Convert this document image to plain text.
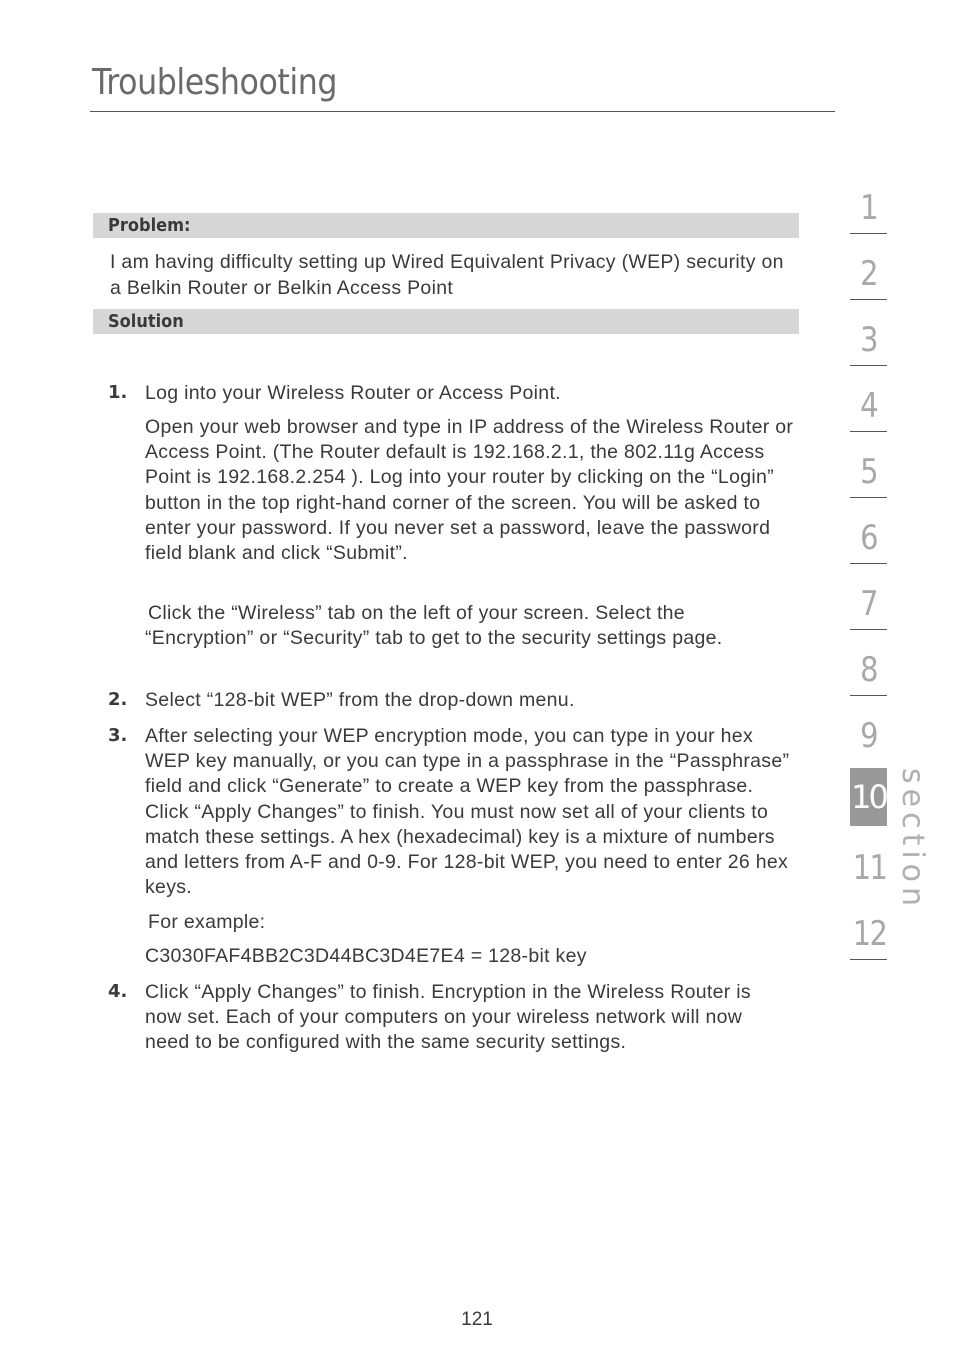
Troubleshooting
Problem:
I am having difficulty setting up Wired Equivalent Privacy (WEP) security on a Belkin Router or Belkin Access Point
Solution
1. Log into your Wireless Router or Access Point.
Open your web browser and type in IP address of the Wireless Router or Access Point. (The Router default is 192.168.2.1, the 802.11g Access Point is 192.168.2.254 ). Log into your router by clicking on the “Login” button in the top right-hand corner of the screen. You will be asked to enter your password. If you never set a password, leave the password field blank and click “Submit”.
Click the “Wireless” tab on the left of your screen. Select the “Encryption” or “Security” tab to get to the security settings page.
2. Select “128-bit WEP” from the drop-down menu.
3. After selecting your WEP encryption mode, you can type in your hex WEP key manually, or you can type in a passphrase in the “Passphrase” field and click “Generate” to create a WEP key from the passphrase. Click “Apply Changes” to finish. You must now set all of your clients to match these settings. A hex (hexadecimal) key is a mixture of numbers and letters from A-F and 0-9. For 128-bit WEP, you need to enter 26 hex keys.
For example:
C3030FAF4BB2C3D44BC3D4E7E4 = 128-bit key
4. Click “Apply Changes” to finish. Encryption in the Wireless Router is now set. Each of your computers on your wireless network will now need to be configured with the same security settings.
1
2
3
4
5
6
7
8
9
10
11
12
section
121
